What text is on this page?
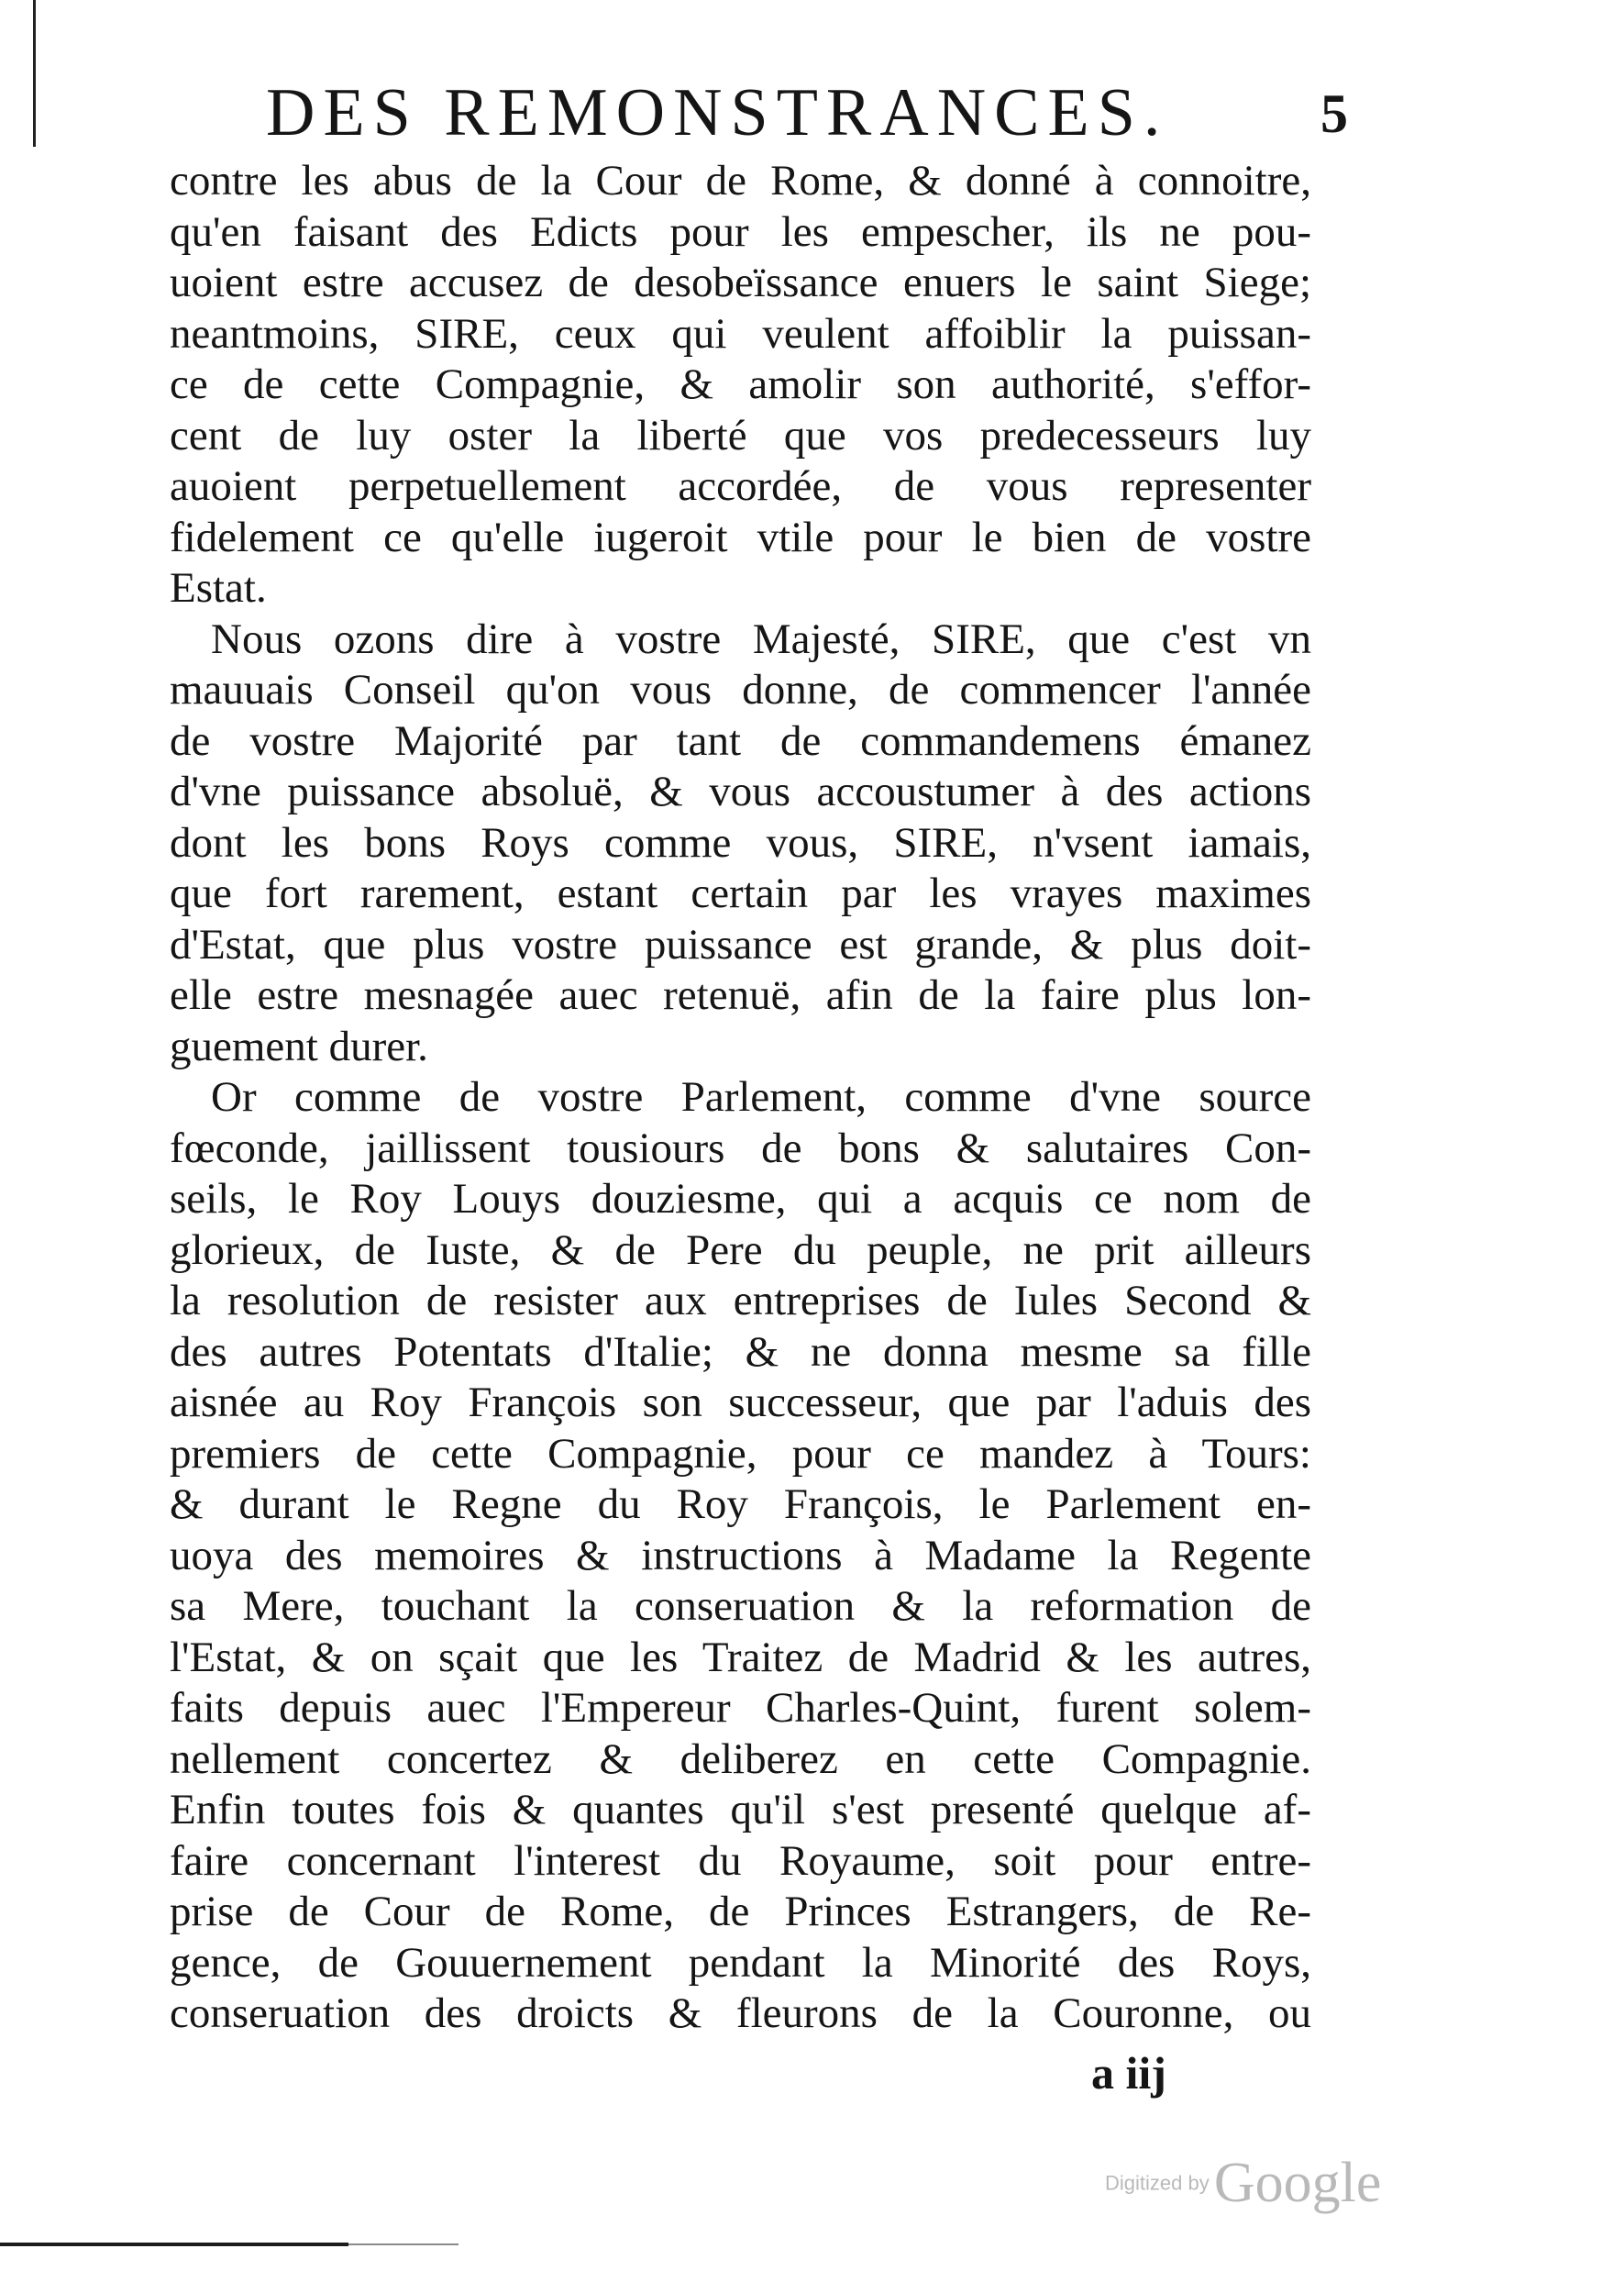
DES REMONSTRANCES.	5
contre les abus de la Cour de Rome, & donné à connoitre,
qu'en faisant des Edicts pour les empescher, ils ne pou-
uoient estre accusez de desobeïssance enuers le saint Siege;
neantmoins, SIRE, ceux qui veulent affoiblir la puissan-
ce de cette Compagnie, & amolir son authorité, s'effor-
cent de luy oster la liberté que vos predecesseurs luy
auoient perpetuellement accordée, de vous representer
fidelement ce qu'elle iugeroit vtile pour le bien de vostre
Estat.
Nous ozons dire à vostre Majesté, SIRE, que c'est vn
mauuais Conseil qu'on vous donne, de commencer l'année
de vostre Majorité par tant de commandemens émanez
d'vne puissance absoluë, & vous accoustumer à des actions
dont les bons Roys comme vous, SIRE, n'vsent iamais,
que fort rarement, estant certain par les vrayes maximes
d'Estat, que plus vostre puissance est grande, & plus doit-
elle estre mesnagée auec retenuë, afin de la faire plus lon-
guement durer.
Or comme de vostre Parlement, comme d'vne source
fœconde, jaillissent tousiours de bons & salutaires Con-
seils, le Roy Louys douziesme, qui a acquis ce nom de
glorieux, de Iuste, & de Pere du peuple, ne prit ailleurs
la resolution de resister aux entreprises de Iules Second &
des autres Potentats d'Italie; & ne donna mesme sa fille
aisnée au Roy François son successeur, que par l'aduis des
premiers de cette Compagnie, pour ce mandez à Tours:
& durant le Regne du Roy François, le Parlement en-
uoya des memoires & instructions à Madame la Regente
sa Mere, touchant la conseruation & la reformation de
l'Estat, & on sçait que les Traitez de Madrid & les autres,
faits depuis auec l'Empereur Charles-Quint, furent solem-
nellement concertez & deliberez en cette Compagnie.
Enfin toutes fois & quantes qu'il s'est presenté quelque af-
faire concernant l'interest du Royaume, soit pour entre-
prise de Cour de Rome, de Princes Estrangers, de Re-
gence, de Gouuernement pendant la Minorité des Roys,
conseruation des droicts & fleurons de la Couronne, ou
a iij
Digitized by Google
